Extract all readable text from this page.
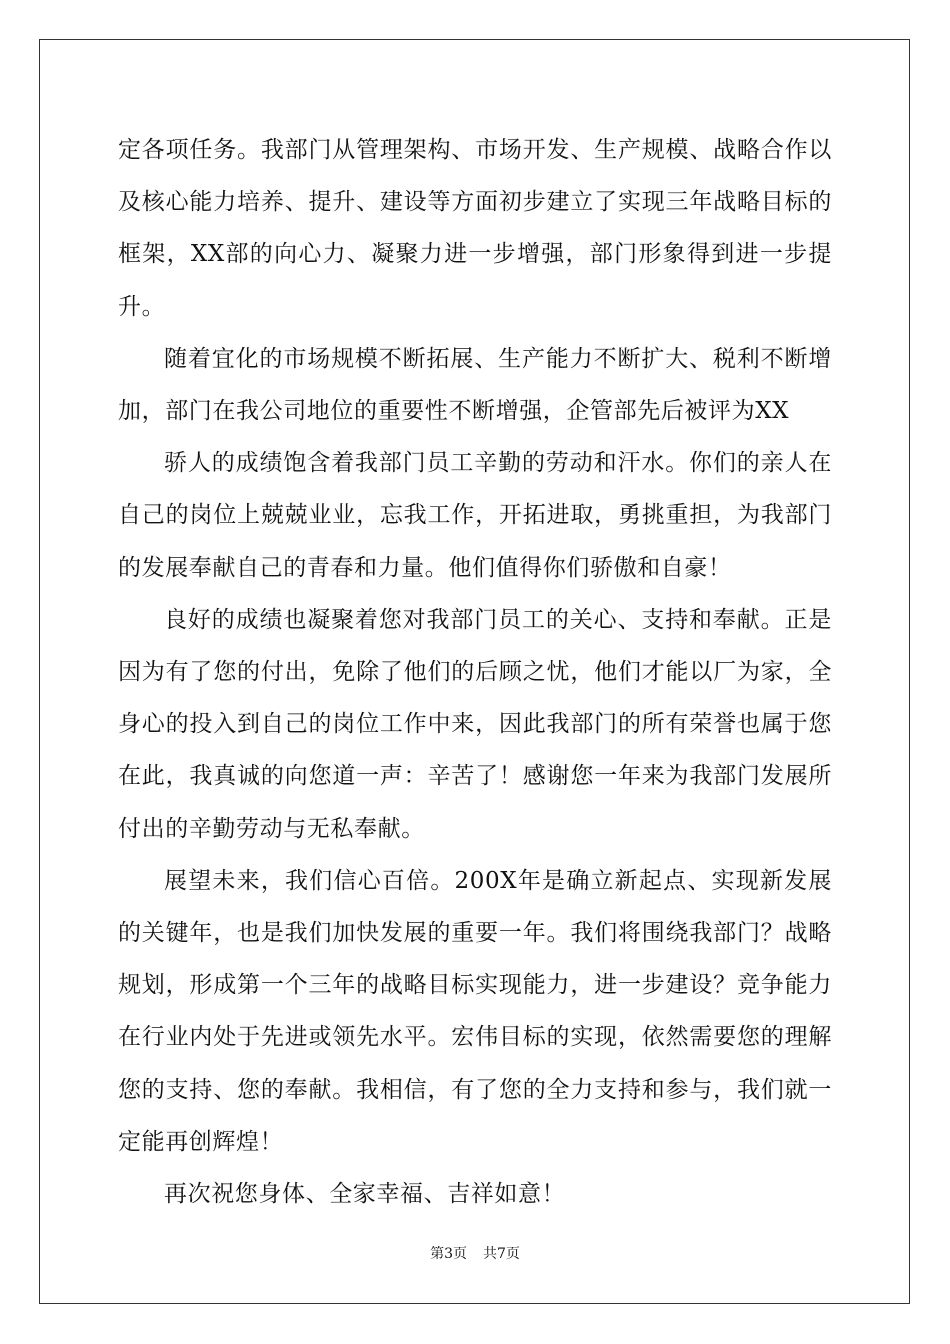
定各项任务。我部门从管理架构、市场开发、生产规模、战略合作以及核心能力培养、提升、建设等方面初步建立了实现三年战略目标的框架，XX部的向心力、凝聚力进一步增强，部门形象得到进一步提升。

随着宜化的市场规模不断拓展、生产能力不断扩大、税利不断增加，部门在我公司地位的重要性不断增强，企管部先后被评为XX

骄人的成绩饱含着我部门员工辛勤的劳动和汗水。你们的亲人在自己的岗位上兢兢业业，忘我工作，开拓进取，勇挑重担，为我部门的发展奉献自己的青春和力量。他们值得你们骄傲和自豪！

良好的成绩也凝聚着您对我部门员工的关心、支持和奉献。正是因为有了您的付出，免除了他们的后顾之忧，他们才能以厂为家，全身心的投入到自己的岗位工作中来，因此我部门的所有荣誉也属于您在此，我真诚的向您道一声：辛苦了！感谢您一年来为我部门发展所付出的辛勤劳动与无私奉献。

展望未来，我们信心百倍。200X年是确立新起点、实现新发展的关键年，也是我们加快发展的重要一年。我们将围绕我部门？战略规划，形成第一个三年的战略目标实现能力，进一步建设？竞争能力在行业内处于先进或领先水平。宏伟目标的实现，依然需要您的理解您的支持、您的奉献。我相信，有了您的全力支持和参与，我们就一定能再创辉煌！

再次祝您身体、全家幸福、吉祥如意！

第3页 共7页
